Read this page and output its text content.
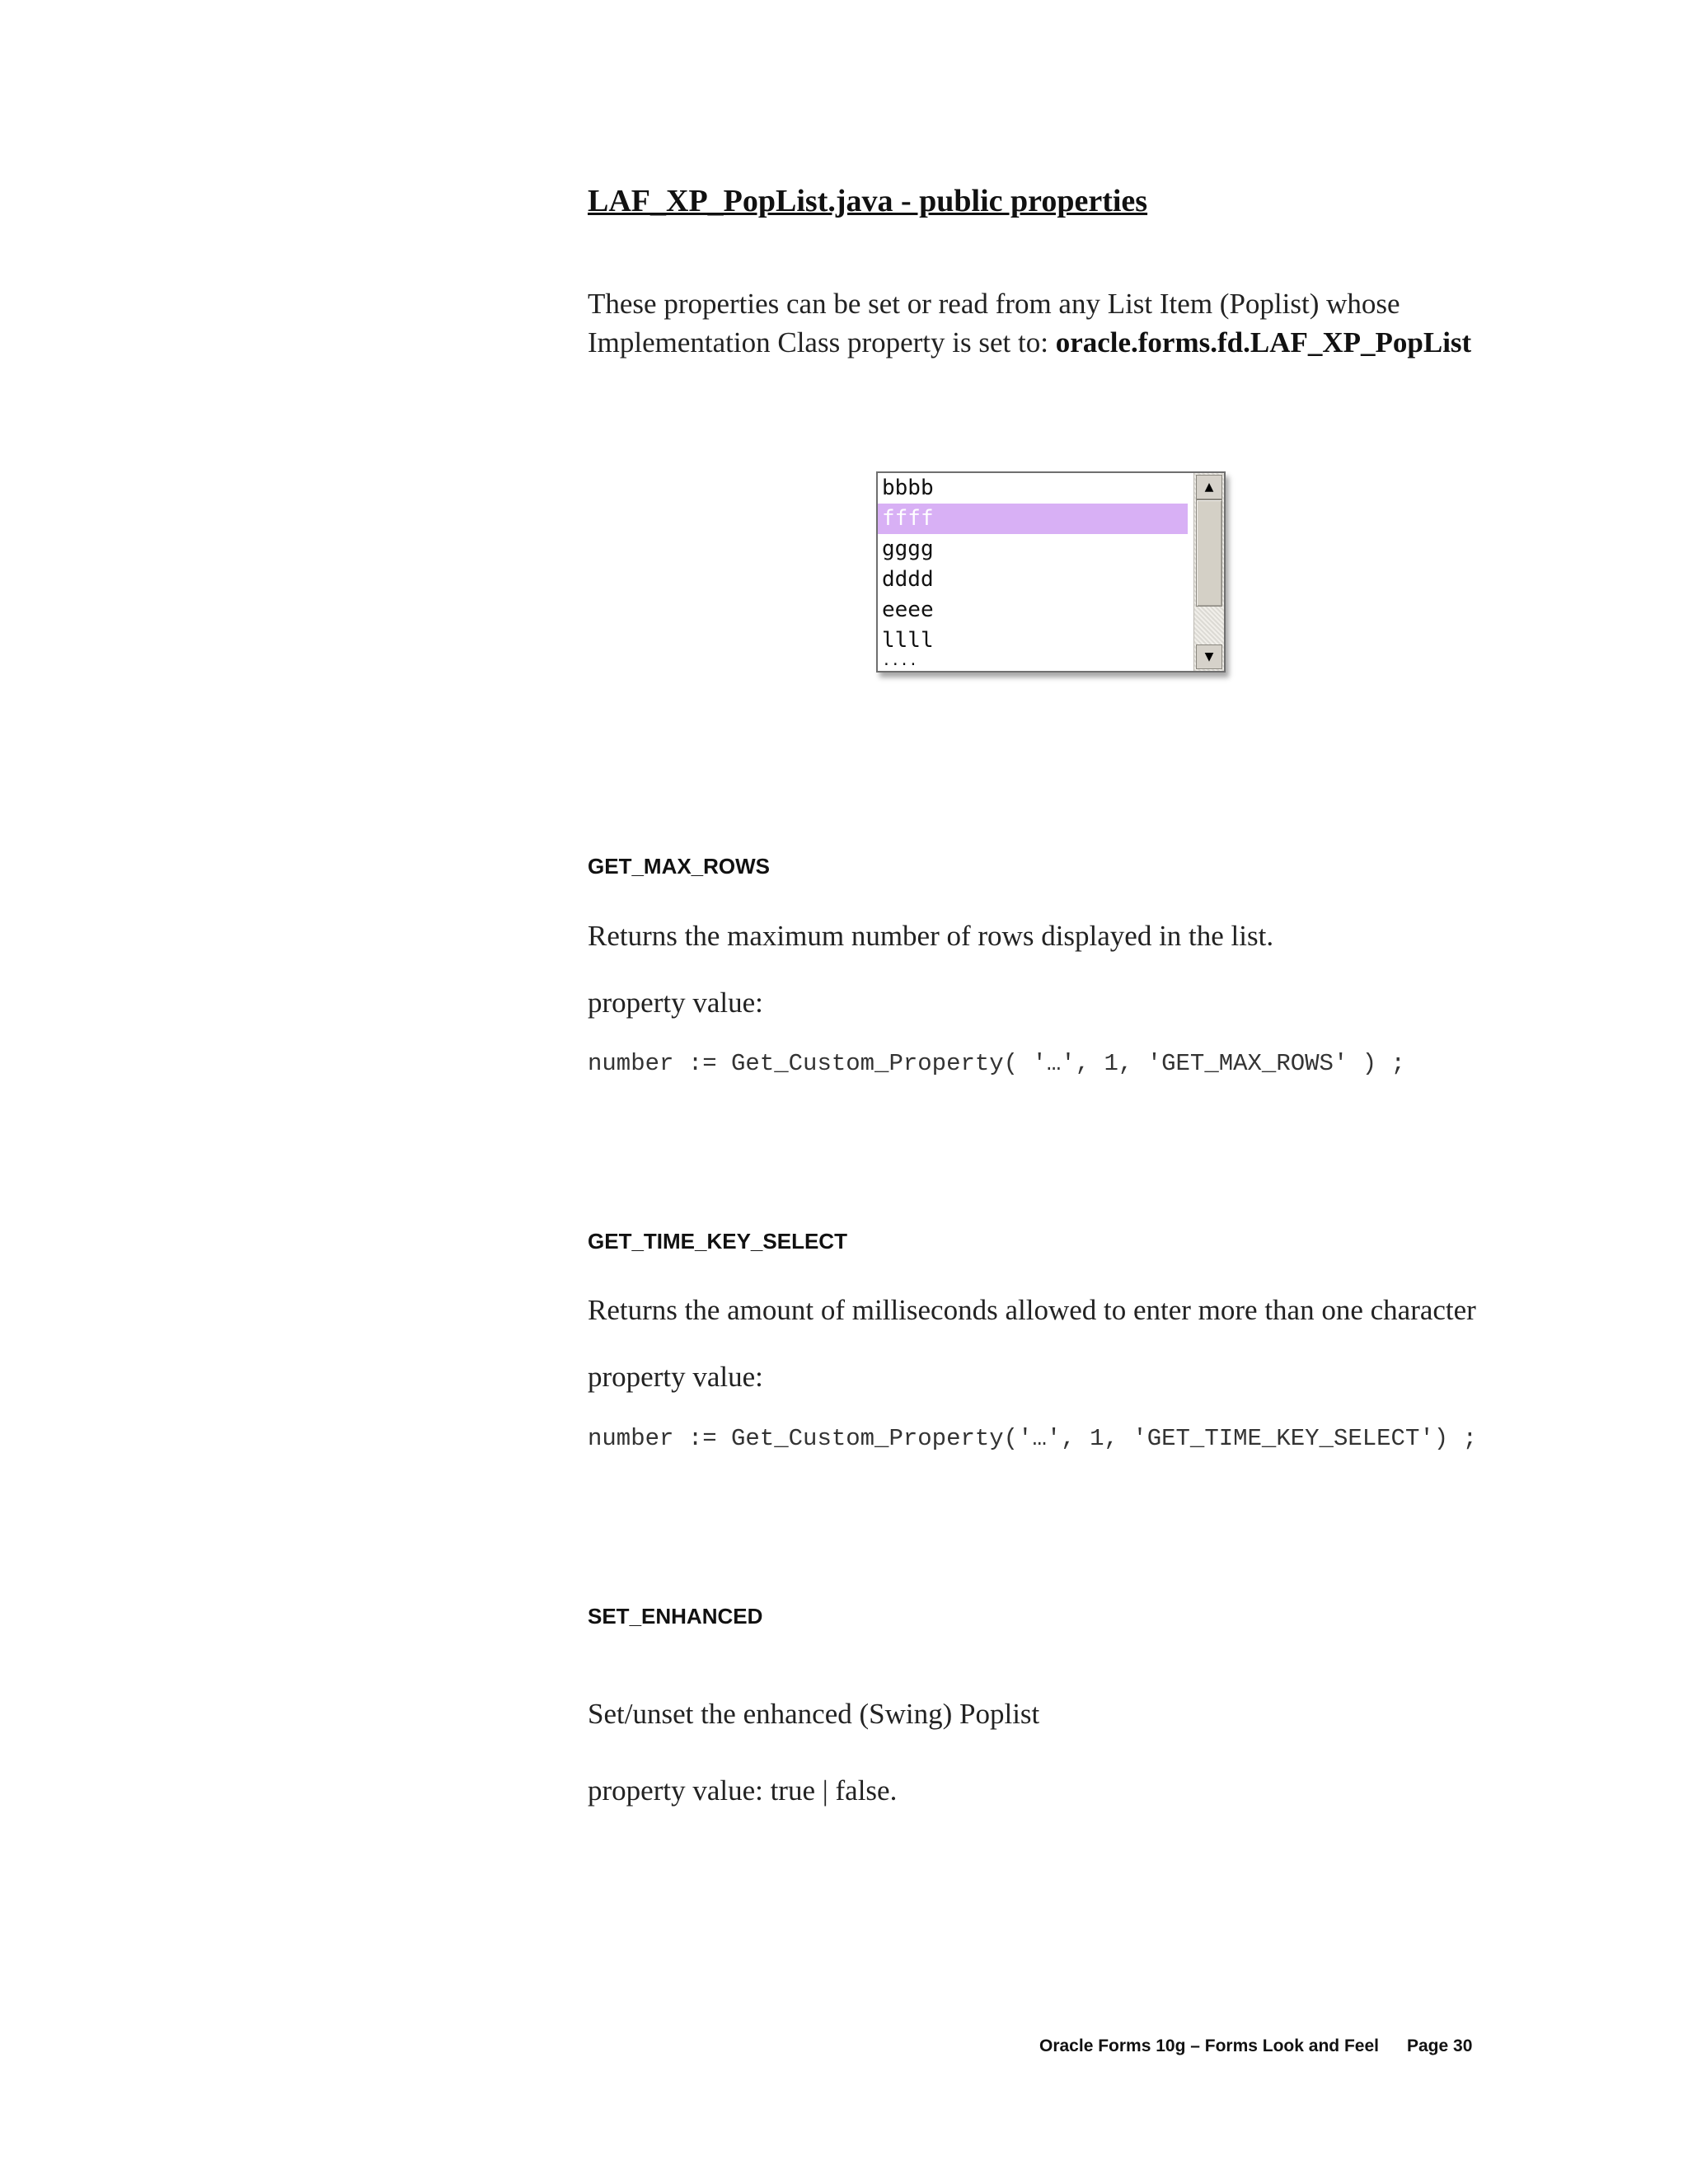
LAF_XP_PopList.java - public properties
These properties can be set or read from any List Item (Poplist) whose Implementation Class property is set to: oracle.forms.fd.LAF_XP_PopList
bbbb
ffff
gggg
dddd
eeee
llll
....
▲
▼
GET_MAX_ROWS
Returns the maximum number of rows displayed in the list.
property value:
number := Get_Custom_Property( '…', 1, 'GET_MAX_ROWS' ) ;
GET_TIME_KEY_SELECT
Returns the amount of milliseconds allowed to enter more than one character
property value:
number := Get_Custom_Property('…', 1, 'GET_TIME_KEY_SELECT') ;
SET_ENHANCED
Set/unset the enhanced (Swing) Poplist
property value: true | false.
Oracle Forms 10g – Forms Look and Feel Page 30
